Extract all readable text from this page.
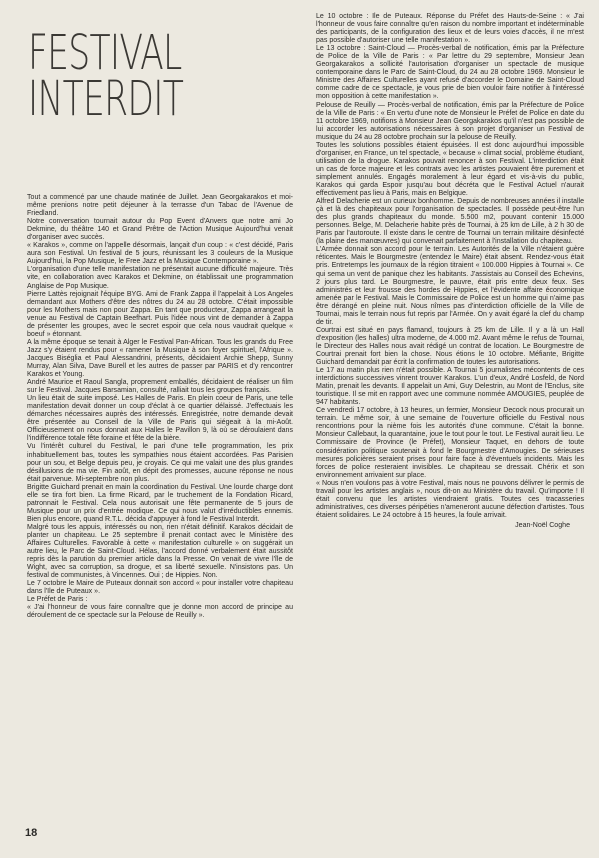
FESTIVAL
INTERDIT

Tout a commencé par une chaude matinée de Juillet. Jean Georgakarakos et moi-même prenions notre petit déjeuner à la terrasse d'un Tabac de l'Avenue de Friedland.

Notre conversation tournait autour du Pop Event d'Anvers que notre ami Jo Dekmine, du théâtre 140 et Grand Prêtre de l'Action Musique Aujourd'hui venait d'organiser avec succès.

« Karakos », comme on l'appelle désormais, lançait d'un coup : « c'est décidé, Paris aura son Festival. Un festival de 5 jours, réunissant les 3 couleurs de la Musique Aujourd'hui, la Pop Musique, le Free Jazz et la Musique Contemporaine ».

L'organisation d'une telle manifestation ne présentait aucune difficulté majeure. Très vite, en collaboration avec Karakos et Dekmine, on établissait une programmation Anglaise de Pop Musique.

Pierre Lattès rejoignait l'équipe BYG. Ami de Frank Zappa il l'appelait à Los Angeles demandant aux Mothers d'être des nôtres du 24 au 28 octobre. C'était impossible pour les Mothers mais non pour Zappa. En tant que producteur, Zappa arrangeait la venue au Festival de Captain Beefhart. Puis l'idée nous vint de demander à Zappa de présenter les groupes, avec le secret espoir que cela nous vaudrait quelque « boeuf » étonnant.

A la même époque se tenait à Alger le Festival Pan-African. Tous les grands du Free Jazz s'y étaient rendus pour « ramener la Musique à son foyer spirituel, l'Afrique ». Jacques Biséglia et Paul Alessandrini, présents, décidaient Archie Shepp, Sunny Murray, Alan Silva, Dave Burell et les autres de passer par PARIS et d'y rencontrer Karakos et Young.

André Maurice et Raoul Sangla, proprement emballés, décidaient de réaliser un film sur le Festival. Jacques Barsamian, consulté, ralliait tous les groupes français.

Un lieu était de suite imposé. Les Halles de Paris. En plein coeur de Paris, une telle manifestation devait donner un coup d'éclat à ce quartier délaissé. J'effectuais les démarches nécessaires auprès des intéressés. Enregistrée, notre demande devait être présentée au Conseil de la Ville de Paris qui siégeait à la mi-Août. Officieusement on nous donnait aux Halles le Pavillon 9, là où se déroulaient dans l'indifférence totale fête foraine et fête de la bière.

Vu l'intérêt culturel du Festival, le pari d'une telle programmation, les prix inhabituellement bas, toutes les sympathies nous étaient accordées. Pas Parisien pour un sou, et Belge depuis peu, je croyais. Ce qui me valait une des plus grandes désillusions de ma vie. Fin août, en dépit des promesses, aucune réponse ne nous était parvenue. Mi-septembre non plus.

Brigitte Guichard prenait en main la coordination du Festival. Une lourde charge dont elle se tira fort bien. La firme Ricard, par le truchement de la Fondation Ricard, patronnait le Festival. Cela nous autorisait une fête permanente de 5 jours de Musique pour un prix d'entrée modique. Ce qui nous valut d'irréductibles ennemis. Bien plus encore, quand R.T.L. décida d'appuyer à fond le Festival Interdit.

Malgré tous les appuis, intéressés ou non, rien n'était définitif. Karakos décidait de planter un chapiteau. Le 25 septembre il prenait contact avec le Ministère des Affaires Culturelles. Favorable à cette « manifestation culturelle » on suggérait un autre lieu, le Parc de Saint-Cloud. Hélas, l'accord donné verbalement était aussitôt repris dès la parution du premier article dans la Presse. On venait de vivre l'île de Wight, avec sa corruption, sa drogue, et sa liberté sexuelle. N'insistons pas. Un festival de communistes, à Vincennes. Oui ; de Hippies. Non.

Le 7 octobre le Maire de Puteaux donnait son accord « pour installer votre chapiteau dans l'Ile de Puteaux ».

Le Préfet de Paris :

« J'ai l'honneur de vous faire connaître que je donne mon accord de principe au déroulement de ce spectacle sur la Pelouse de Reuilly ».

Le 10 octobre : Ile de Puteaux. Réponse du Préfet des Hauts-de-Seine : « J'ai l'honneur de vous faire connaître qu'en raison du nombre important et indéterminable des participants, de la configuration des lieux et de leurs voies d'accès, il ne m'est pas possible d'autoriser une telle manifestation ».

Le 13 octobre : Saint-Cloud — Procès-verbal de notification, émis par la Préfecture de Police de la Ville de Paris : « Par lettre du 29 septembre, Monsieur Jean Georgakarakos a sollicité l'autorisation d'organiser un spectacle de musique contemporaine dans le Parc de Saint-Cloud, du 24 au 28 octobre 1969. Monsieur le Ministre des Affaires Culturelles ayant refusé d'accorder le Domaine de Saint-Cloud comme cadre de ce spectacle, je vous prie de bien vouloir faire notifier à l'intéressé mon opposition à cette manifestation ».

Pelouse de Reuilly — Procès-verbal de notification, émis par la Préfecture de Police de la Ville de Paris : « En vertu d'une note de Monsieur le Préfet de Police en date du 11 octobre 1969, notifions à Monsieur Jean Georgakarakos qu'il n'est pas possible de lui accorder les autorisations nécessaires à son projet d'organiser un Festival de musique du 24 au 28 octobre prochain sur la pelouse de Reuilly.

Toutes les solutions possibles étaient épuisées. Il est donc aujourd'hui impossible d'organiser, en France, un tel spectacle, « because » climat social, problème étudiant, utilisation de la drogue. Karakos pouvait renoncer à son Festival. L'interdiction était un cas de force majeure et les contrats avec les artistes pouvaient être purement et simplement annulés. Engagés moralement à leur égard et vis-à-vis du public, Karakos qui garda Espoir jusqu'au bout décréta que le Festival Actuel n'aurait effectivement pas lieu à Paris, mais en Belgique.

Alfred Delacherie est un curieux bonhomme. Depuis de nombreuses années il installe çà et là des chapiteaux pour l'organisation de spectacles. Il possède peut-être l'un des plus grands chapiteaux du monde. 5.500 m2, pouvant contenir 15.000 personnes. Belge, M. Delacherie habite près de Tournai, à 25 km de Lille, à 2 h 30 de Paris par l'autoroute. Il existe dans le centre de Tournai un terrain militaire désinfecté (la plaine des manœuvres) qui convenait parfaitement à l'installation du chapiteau.

L'Armée donnait son accord pour le terrain. Les Autorités de la Ville n'étaient guère réticentes. Mais le Bourgmestre (entendez le Maire) était absent. Rendez-vous était pris. Entretemps les journaux de la région titraient « 100.000 Hippies à Tournai ». Ce qui sema un vent de panique chez les habitants. J'assistais au Conseil des Echevins, 2 jours plus tard. Le Bourgmestre, le pauvre, était pris entre deux feux. Ses administrés et leur frousse des hordes de Hippies, et l'évidente affaire économique amenée par le Festival. Mais le Commissaire de Police est un homme qui n'aime pas être dérangé en pleine nuit. Nous nîmes pas d'interdiction officielle de la Ville de Tournai, mais le terrain nous fut repris par l'Armée. On y avait égaré la clef du champ de tir.

Courtrai est situé en pays flamand, toujours à 25 km de Lille. Il y a là un Hall d'exposition (les halles) ultra moderne, de 4.000 m2. Avant même le refus de Tournai, le Directeur des Halles nous avait rédigé un contrat de location. Le Bourgmestre de Courtrai prenait fort bien la chose. Nous étions le 10 octobre. Méfiante, Brigitte Guichard demandait par écrit la confirmation de toutes les autorisations.

Le 17 au matin plus rien n'était possible. A Tournai 5 journalistes mécontents de ces interdictions successives vinrent trouver Karakos. L'un d'eux, André Losfeld, de Nord Matin, prenait les devants. Il appelait un Ami, Guy Delestrin, au Mont de l'Enclus, site touristique. Il se mit en rapport avec une commune nommée AMOUGIES, peuplée de 947 habitants.

Ce vendredi 17 octobre, à 13 heures, un fermier, Monsieur Decock nous procurait un terrain. Le même soir, à une semaine de l'ouverture officielle du Festival nous rencontrions pour la nième fois les autorités d'une commune. C'était la bonne. Monsieur Callebaut, la quarantaine, joue le tout pour le tout. Le Festival aurait lieu. Le Commissaire de Province (le Préfet), Monsieur Taquet, en dehors de toute considération politique soutenait à fond le Bourgmestre d'Amougies. De sérieuses mesures policières seraient prises pour faire face à d'éventuels incidents. Mais les forces de police resteraient invisibles. Le chapiteau se dressait. Chérix et son environnement arrivaient sur place.

« Nous n'en voulons pas à votre Festival, mais nous ne pouvons délivrer le permis de travail pour les artistes anglais », nous dit-on au Ministère du travail. Qu'importe ! Il était convenu que les artistes viendraient gratis. Toutes ces tracasseries administratives, ces diverses péripéties n'ameneront aucune défection d'artistes. Tous étaient solidaires. Le 24 octobre à 15 heures, la foule arrivait.

Jean-Noël Coghe

18
